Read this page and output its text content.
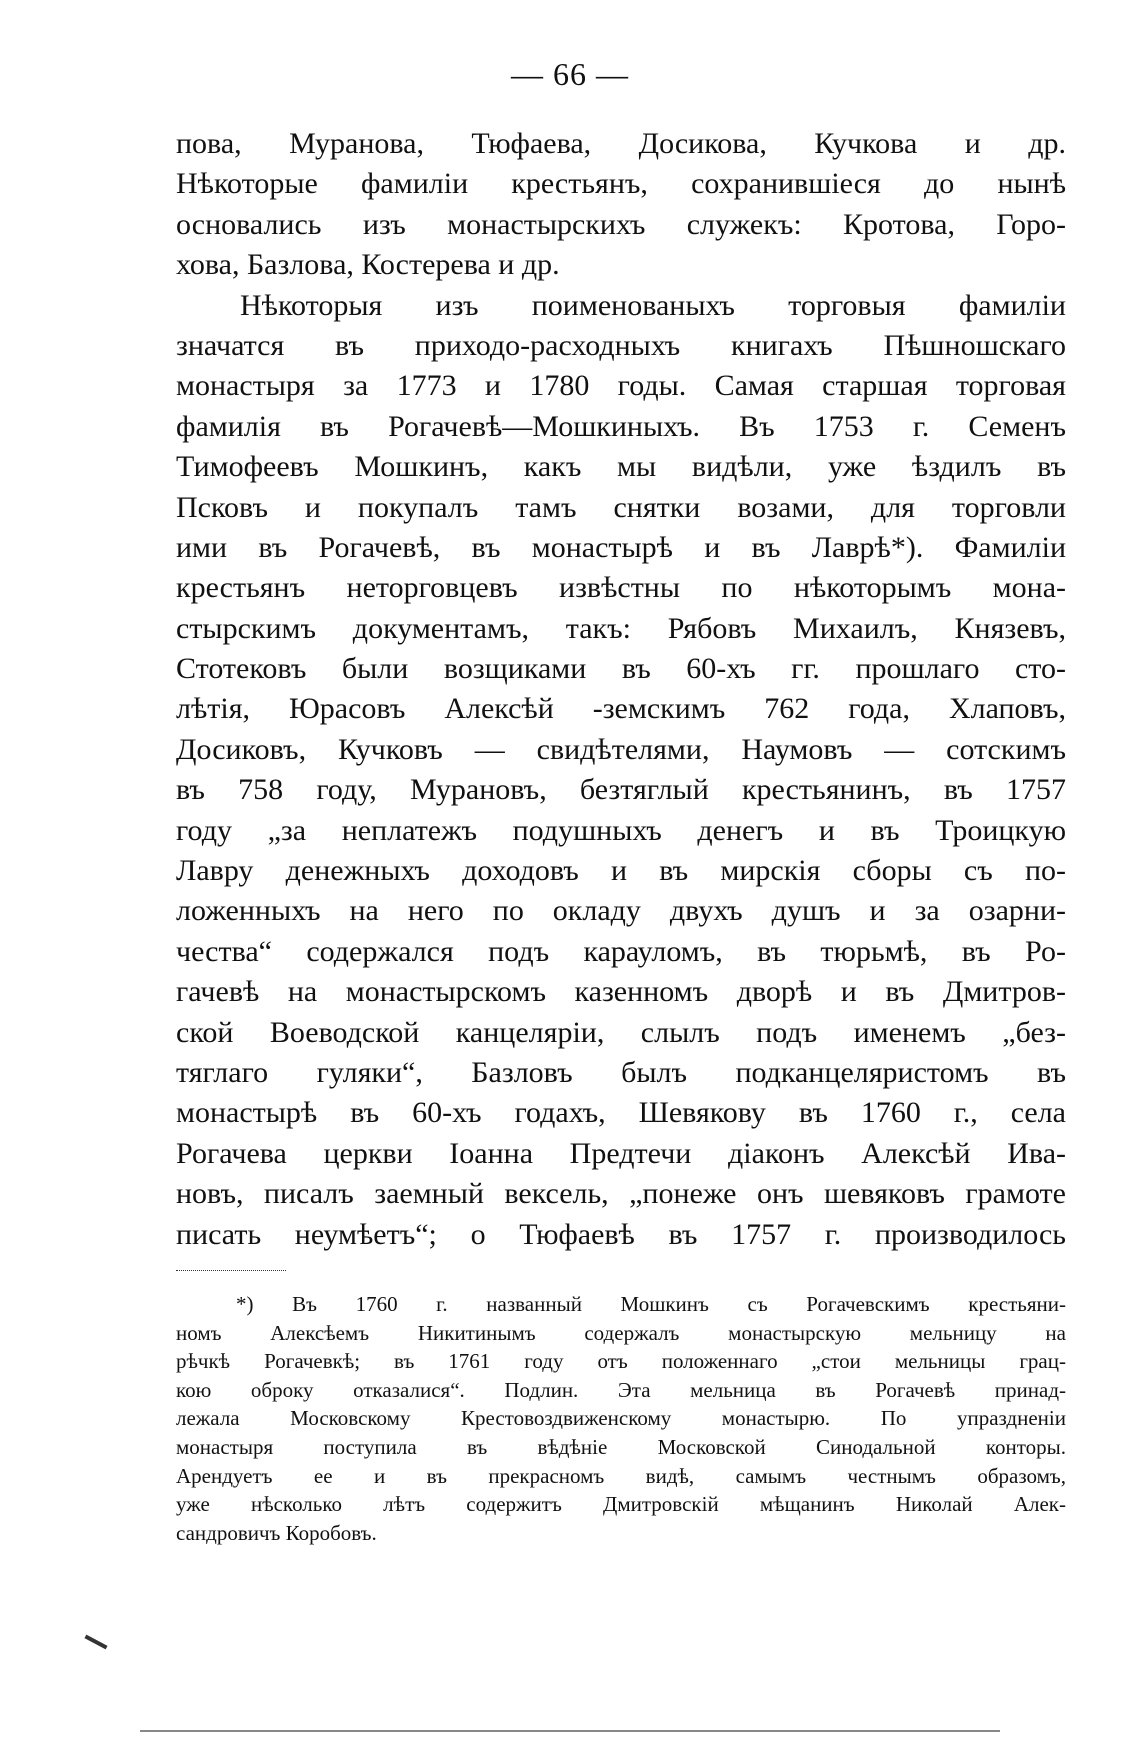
— 66 —
пова, Муранова, Тюфаева, Досикова, Кучкова и др.
Нѣкоторые фамиліи крестьянъ, сохранившіеся до нынѣ
основались изъ монастырскихъ служекъ: Кротова, Горо-
хова, Базлова, Костерева и др.
Нѣкоторыя изъ поименованыхъ торговыя фамиліи
значатся въ приходо-расходныхъ книгахъ Пѣшношскаго
монастыря за 1773 и 1780 годы. Самая старшая торговая
фамилія въ Рогачевѣ—Мошкиныхъ. Въ 1753 г. Семенъ
Тимофеевъ Мошкинъ, какъ мы видѣли, уже ѣздилъ въ
Псковъ и покупалъ тамъ снятки возами, для торговли
ими въ Рогачевѣ, въ монастырѣ и въ Лаврѣ*). Фамиліи
крестьянъ неторговцевъ извѣстны по нѣкоторымъ мона-
стырскимъ документамъ, такъ: Рябовъ Михаилъ, Князевъ,
Стотековъ были возщиками въ 60-хъ гг. прошлаго сто-
лѣтія, Юрасовъ Алексѣй -земскимъ 762 года, Хлаповъ,
Досиковъ, Кучковъ — свидѣтелями, Наумовъ — сотскимъ
въ 758 году, Мурановъ, безтяглый крестьянинъ, въ 1757
году „за неплатежъ подушныхъ денегъ и въ Троицкую
Лавру денежныхъ доходовъ и въ мирскія сборы съ по-
ложенныхъ на него по окладу двухъ душъ и за озарни-
чества“ содержался подъ карауломъ, въ тюрьмѣ, въ Ро-
гачевѣ на монастырскомъ казенномъ дворѣ и въ Дмитров-
ской Воеводской канцеляріи, слылъ подъ именемъ „без-
тяглаго гуляки“, Базловъ былъ подканцеляристомъ въ
монастырѣ въ 60-хъ годахъ, Шевякову въ 1760 г., села
Рогачева церкви Іоанна Предтечи діаконъ Алексѣй Ива-
новъ, писалъ заемный вексель, „понеже онъ шевяковъ грамоте
писать неумѣетъ“; о Тюфаевѣ въ 1757 г. производилось
*) Въ 1760 г. названный Мошкинъ съ Рогачевскимъ крестьяни-
номъ Алексѣемъ Никитинымъ содержалъ монастырскую мельницу на
рѣчкѣ Рогачевкѣ; въ 1761 году отъ положеннаго „стои мельницы грац-
кою оброку отказалися“. Подлин. Эта мельница въ Рогачевѣ принад-
лежала Московскому Крестовоздвиженскому монастырю. По упраздненіи
монастыря поступила въ вѣдѣніе Московской Синодальной конторы.
Арендуетъ ее и въ прекрасномъ видѣ, самымъ честнымъ образомъ,
уже нѣсколько лѣтъ содержитъ Дмитровскій мѣщанинъ Николай Алек-
сандровичъ Коробовъ.
